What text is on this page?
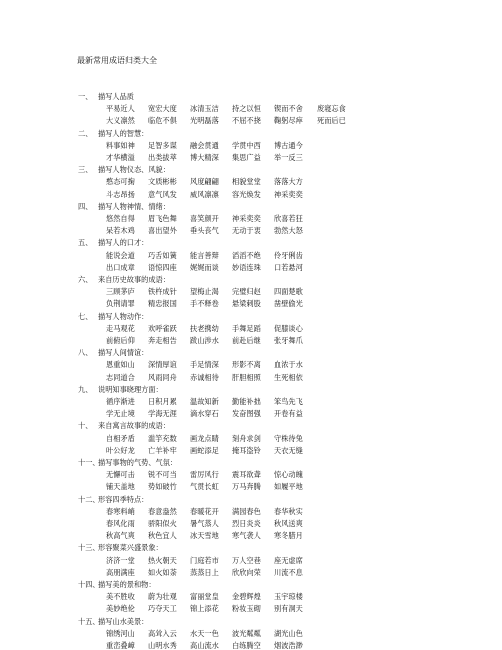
最新常用成语归类大全
一、 描写人品质
平易近人 宽宏大度 冰清玉洁 持之以恒 锲而不舍 废寝忘食
大义凛然 临危不俱 光明磊落 不屈不挠 鞠躬尽瘁 死而后已
二、 描写人的智慧：
料事如神 足智多谋 融会贯通 学贯中西 博古通今
才华横溢 出类拔萃 博大精深 集思广益 举一反三
三、 描写人物仪态、风貌：
憨态可掬 文质彬彬 风度翩翩 相貌堂堂 落落大方
斗志昂扬 意气风发 威风凛凛 容光焕发 神采奕奕
四、 描写人物神情、情绪：
悠然自得 眉飞色舞 喜笑颜开 神采奕奕 欣喜若狂
呆若木鸡 喜出望外 垂头丧气 无动于衷 勃然大怒
五、 描写人的口才：
能说会道 巧舌如簧 能言善辩 滔滔不绝 伶牙俐齿
出口成章 语惊四座 娓娓而谈 妙语连珠 口若悬河
六、 来自历史故事的成语：
三顾茅庐 铁杵成针 望梅止渴 完璧归赵 四面楚歌
负荆请罪 精忠报国 手不释卷 悬梁刺股 凿壁偷光
七、 描写人物动作：
走马观花 欢呼雀跃 扶老携幼 手舞足蹈 促膝谈心
前俯后仰 奔走相告 跋山涉水 前赴后继 张牙舞爪
八、 描写人间情谊：
恩重如山 深情厚谊 手足情深 形影不离 血浓于水
志同道合 风雨同舟 赤诚相待 肝胆相照 生死相依
九、 说明知事晓理方面：
循序渐进 日积月累 温故知新 勤能补拙 笨鸟先飞
学无止境 学海无涯 滴水穿石 发奋图强 开卷有益
十、 来自寓言故事的成语：
自相矛盾 滥竽充数 画龙点睛 刻舟求剑 守株待兔
叶公好龙 亡羊补牢 画蛇添足 掩耳盗铃 天衣无缝
十一、描写事物的气势、气氛：
无懈可击 锐不可当 雷厉风行 震耳欲聋 惊心动魄
铺天盖地 势如破竹 气贯长虹 万马奔腾 如履平地
十二、形容四季特点：
春寒料峭 春意盎然 春暖花开 满园春色 春华秋实
春风化雨 骄阳似火 暑气蒸人 烈日炎炎 秋风送爽
秋高气爽 秋色宜人 冰天雪地 寒气袭人 寒冬腊月
十三、形容聚菜兴盛景象：
济济一堂 热火朝天 门庭若市 万人空巷 座无虚席
高朋满座 如火如荼 蒸蒸日上 欣欣向荣 川流不息
十四、描写美的景和物：
美不胜收 蔚为壮观 富丽堂皇 金碧辉煌 玉宇琼楼
美妙绝伦 巧夺天工 锦上添花 粉妆玉砌 别有洞天
十五、描写山水美景：
锦绣河山 高耸入云 水天一色 波光粼粼 湖光山色
重峦叠嶂 山明水秀 高山流水 白练腾空 烟波浩渺
